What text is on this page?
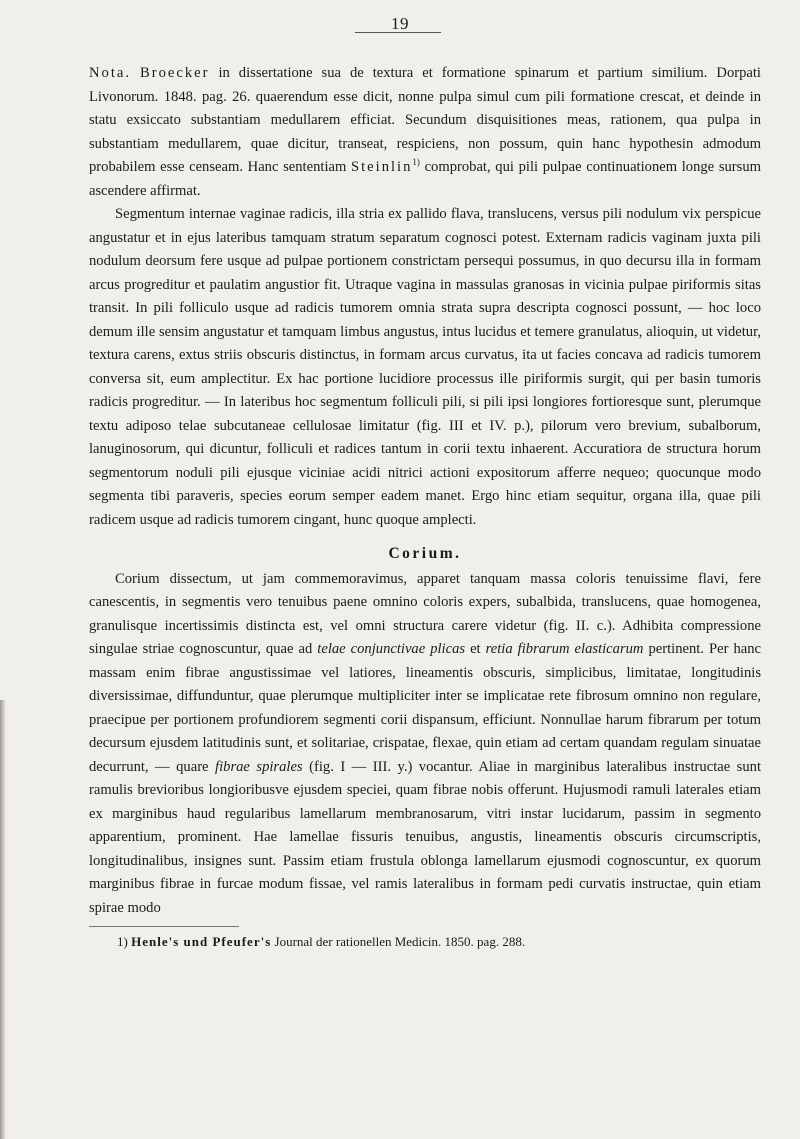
19

Nota. Broecker in dissertatione sua de textura et formatione spinarum et partium similium. Dorpati Livonorum. 1848. pag. 26. quaerendum esse dicit, nonne pulpa simul cum pili formatione crescat, et deinde in statu exsiccato substantiam medullarem efficiat. Secundum disquisitiones meas, rationem, qua pulpa in substantiam medullarem, quae dicitur, transeat, respiciens, non possum, quin hanc hypothesin admodum probabilem esse censeam. Hanc sententiam Steinlin$^{1)}$ comprobat, qui pili pulpae continuationem longe sursum ascendere affirmat.

Segmentum internae vaginae radicis, illa stria ex pallido flava, translucens, versus pili nodulum vix perspicue angustatur et in ejus lateribus tamquam stratum separatum cognosci potest. Externam radicis vaginam juxta pili nodulum deorsum fere usque ad pulpae portionem constrictam persequi possumus, in quo decursu illa in formam arcus progreditur et paulatim angustior fit. Utraque vagina in massulas granosas in vicinia pulpae piriformis sitas transit. In pili folliculo usque ad radicis tumorem omnia strata supra descripta cognosci possunt, — hoc loco demum ille sensim angustatur et tamquam limbus angustus, intus lucidus et temere granulatus, alioquin, ut videtur, textura carens, extus striis obscuris distinctus, in formam arcus curvatus, ita ut facies concava ad radicis tumorem conversa sit, eum amplectitur. Ex hac portione lucidiore processus ille piriformis surgit, qui per basin tumoris radicis progreditur. — In lateribus hoc segmentum folliculi pili, si pili ipsi longiores fortioresque sunt, plerumque textu adiposo telae subcutaneae cellulosae limitatur (fig. III et IV. p.), pilorum vero brevium, subalborum, lanuginosorum, qui dicuntur, folliculi et radices tantum in corii textu inhaerent. Accuratiora de structura horum segmentorum noduli pili ejusque viciniae acidi nitrici actioni expositorum afferre nequeo; quocunque modo segmenta tibi paraveris, species eorum semper eadem manet. Ergo hinc etiam sequitur, organa illa, quae pili radicem usque ad radicis tumorem cingant, hunc quoque amplecti.

Corium.

Corium dissectum, ut jam commemoravimus, apparet tanquam massa coloris tenuissime flavi, fere canescentis, in segmentis vero tenuibus paene omnino coloris expers, subalbida, translucens, quae homogenea, granulisque incertissimis distincta est, vel omni structura carere videtur (fig. II. c.). Adhibita compressione singulae striae cognoscuntur, quae ad telae conjunctivae plicas et retia fibrarum elasticarum pertinent. Per hanc massam enim fibrae angustissimae vel latiores, lineamentis obscuris, simplicibus, limitatae, longitudinis diversissimae, diffunduntur, quae plerumque multipliciter inter se implicatae rete fibrosum omnino non regulare, praecipue per portionem profundiorem segmenti corii dispansum, efficiunt. Nonnullae harum fibrarum per totum decursum ejusdem latitudinis sunt, et solitariae, crispatae, flexae, quin etiam ad certam quandam regulam sinuatae decurrunt, — quare fibrae spirales (fig. I — III. y.) vocantur. Aliae in marginibus lateralibus instructae sunt ramulis brevioribus longioribusve ejusdem speciei, quam fibrae nobis offerunt. Hujusmodi ramuli laterales etiam ex marginibus haud regularibus lamellarum membranosarum, vitri instar lucidarum, passim in segmento apparentium, prominent. Hae lamellae fissuris tenuibus, angustis, lineamentis obscuris circumscriptis, longitudinalibus, insignes sunt. Passim etiam frustula oblonga lamellarum ejusmodi cognoscuntur, ex quorum marginibus fibrae in furcae modum fissae, vel ramis lateralibus in formam pedi curvatis instructae, quin etiam spirae modo

1) Henle's und Pfeufer's Journal der rationellen Medicin. 1850. pag. 288.
